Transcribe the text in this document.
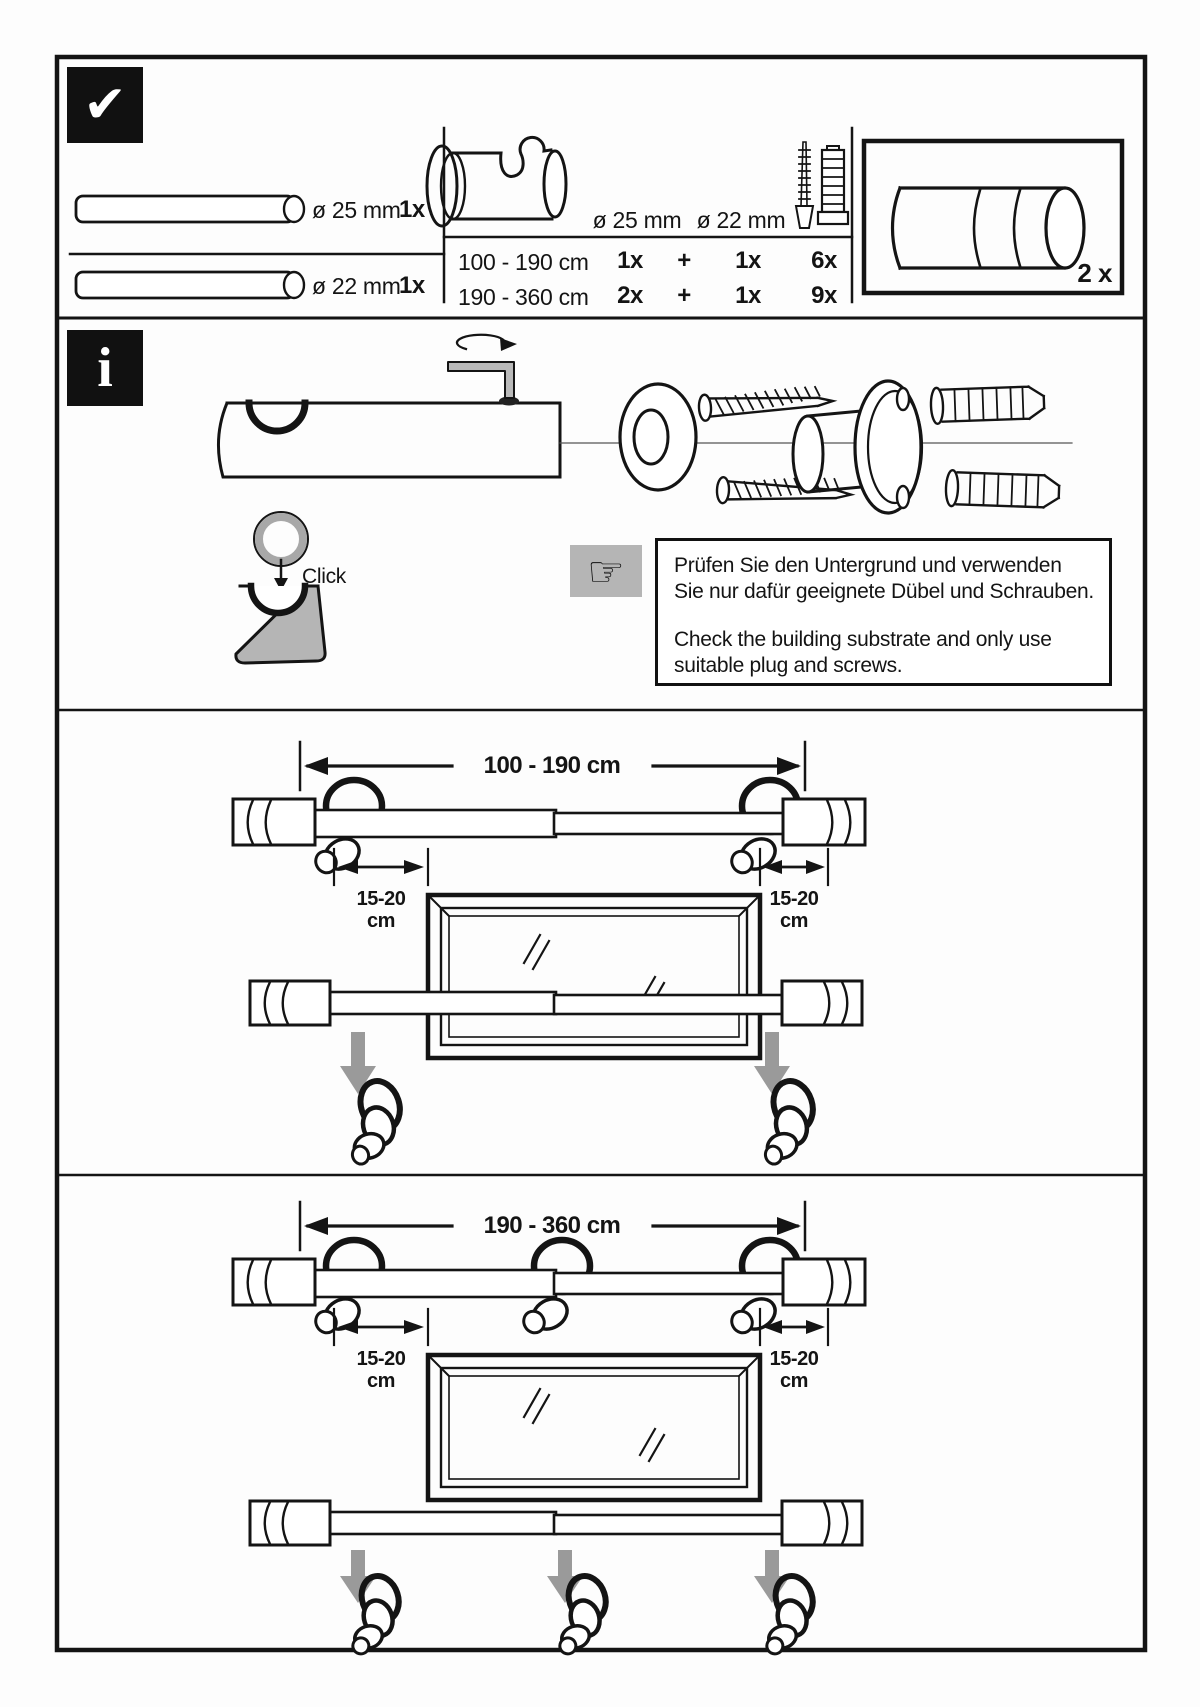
✔
i
ø 25 mm
1x
ø 22 mm
1x
ø 25 mm ø 22 mm
100 - 190 cm 1x + 1x 6x
190 - 360 cm 2x + 1x 9x
2 x
Click	☞	Prüfen Sie den Untergrund und verwenden
Sie nur dafür geeignete Dübel und Schrauben.
Check the building substrate and only use
suitable plug and screws.
100 - 190 cm
15-20
cm
15-20
cm
190 - 360 cm
15-20
cm
15-20
cm
